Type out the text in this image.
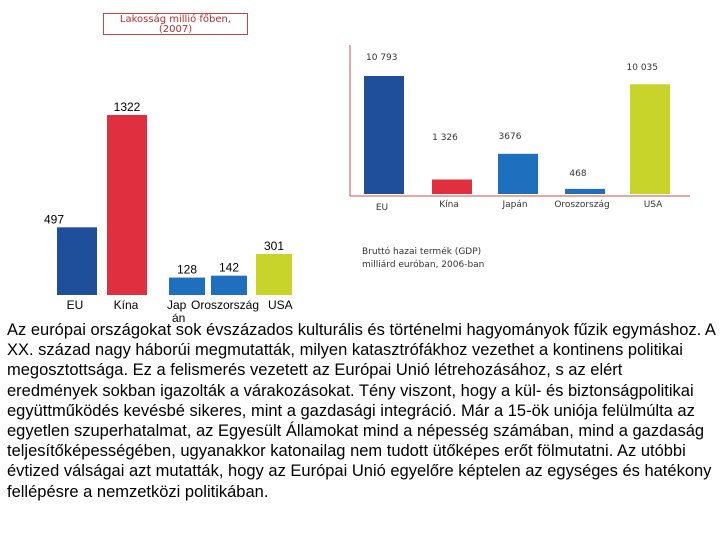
Lakosság millió főben,
(2007)
497
1322
128 142
301
EU	Kína Jap Oroszország USA
án
10 793
EU
1 326
Kína
3676
Japán
468
Oroszország
10 035
USA
Bruttó hazai termék (GDP)
milliárd euróban, 2006-ban

Az európai országokat sok évszázados kulturális és történelmi hagyományok fűzik egymáshoz. A XX. század nagy háborúi megmutatták, milyen katasztrófákhoz vezethet a kontinens politikai megosztottsága. Ez a felismerés vezetett az Európai Unió létrehozásához, s az elért eredmények sokban igazolták a várakozásokat. Tény viszont, hogy a kül- és biztonságpolitikai együttműködés kevésbé sikeres, mint a gazdasági integráció. Már a 15-ök uniója felülmúlta az egyetlen szuperhatalmat, az Egyesült Államokat mind a népesség számában, mind a gazdaság teljesítőképességében, ugyanakkor katonailag nem tudott ütőképes erőt fölmutatni. Az utóbbi évtized válságai azt mutatták, hogy az Európai Unió egyelőre képtelen az egységes és hatékony fellépésre a nemzetközi politikában.
